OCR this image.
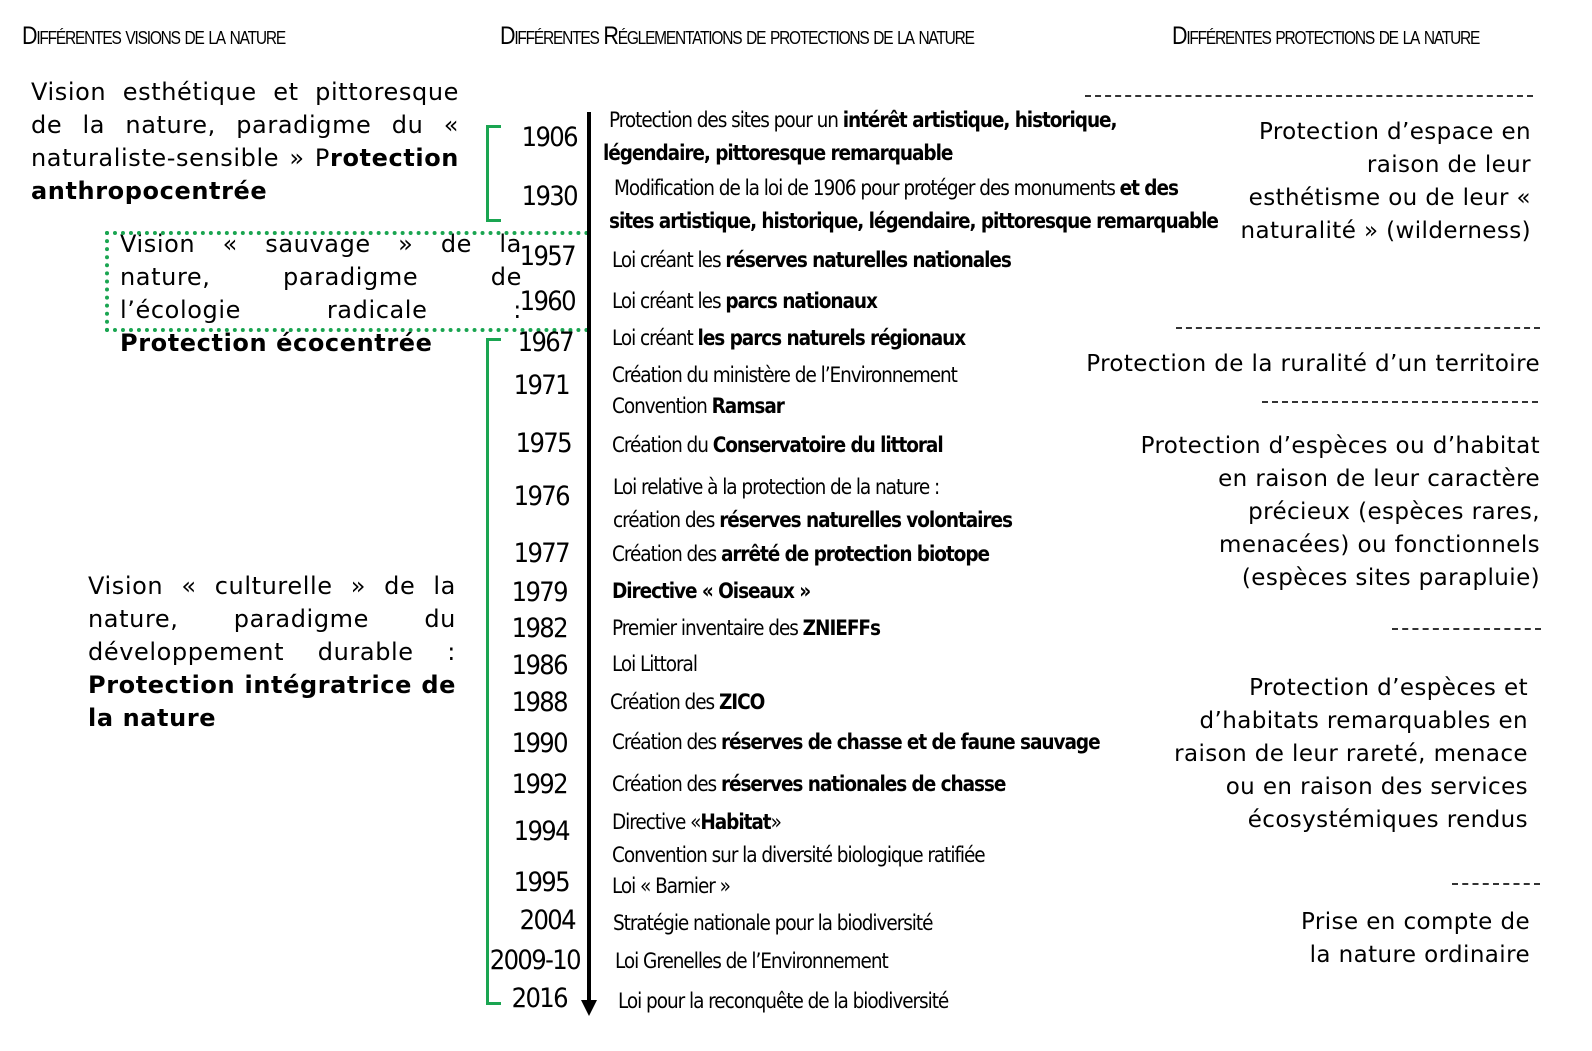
Différentes visions de la nature	Différentes Réglementations de protections de la nature	Différentes protections de la nature
Vision esthétique et pittoresque de la nature, paradigme du « naturaliste-sensible » Protection anthropocentrée
Vision « sauvage » de la nature, paradigme de l’écologie radicale : Protection écocentrée
Vision « culturelle » de la nature, paradigme du développement durable : Protection intégratrice de la nature
1906
Protection des sites pour un intérêt artistique, historique,
légendaire, pittoresque remarquable
1930 Modification de la loi de 1906 pour protéger des monuments et des
sites artistique, historique, légendaire, pittoresque remarquable
1957 Loi créant les réserves naturelles nationales
1960 Loi créant les parcs nationaux
1967 Loi créant les parcs naturels régionaux
1971 Création du ministère de l’Environnement
Convention Ramsar
1975 Création du Conservatoire du littoral
1976 Loi relative à la protection de la nature :
création des réserves naturelles volontaires
1977 Création des arrêté de protection biotope
1979 Directive « Oiseaux »
1982 Premier inventaire des ZNIEFFs
1986 Loi Littoral
1988 Création des ZICO
1990 Création des réserves de chasse et de faune sauvage
1992 Création des réserves nationales de chasse
1994 Directive «Habitat»
Convention sur la diversité biologique ratifiée
1995 Loi « Barnier »
2004 Stratégie nationale pour la biodiversité
2009-10 Loi Grenelles de l’Environnement
2016 Loi pour la reconquête de la biodiversité
Protection d’espace en raison de leur esthétisme ou de leur « naturalité » (wilderness)
Protection de la ruralité d’un territoire
Protection d’espèces ou d’habitat en raison de leur caractère précieux (espèces rares, menacées) ou fonctionnels (espèces sites parapluie)
Protection d’espèces et d’habitats remarquables en raison de leur rareté, menace ou en raison des services écosystémiques rendus
Prise en compte de la nature ordinaire
